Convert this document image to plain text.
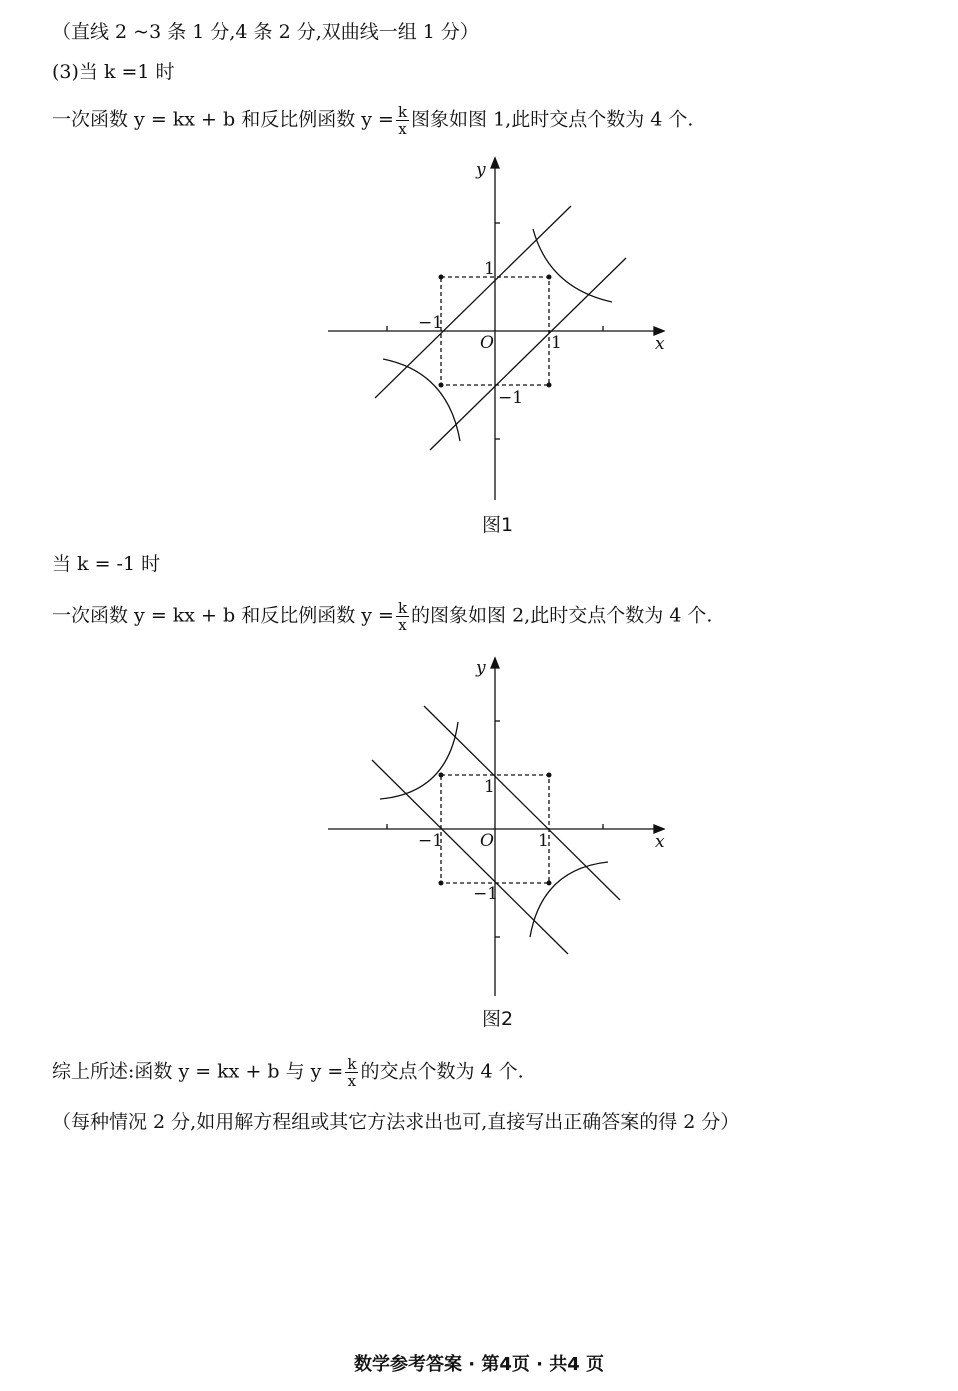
（直线 2 ~3 条 1 分,4 条 2 分,双曲线一组 1 分）
(3)当 k =1 时
一次函数 y = kx + b 和反比例函数 $y = \frac{k}{x}$ 图象如图 1,此时交点个数为 4 个.
y
x
O	1
−1
1
−1
图1
当 k = -1 时
一次函数 y = kx + b 和反比例函数 $y = \frac{k}{x}$ 的图象如图 2,此时交点个数为 4 个.
y
x
O	1
−1
1
−1
图2
综上所述:函数 y = kx + b 与 $y = \frac{k}{x}$ 的交点个数为 4 个.
（每种情况 2 分,如用解方程组或其它方法求出也可,直接写出正确答案的得 2 分）
数学参考答案 · 第4页 · 共4 页
